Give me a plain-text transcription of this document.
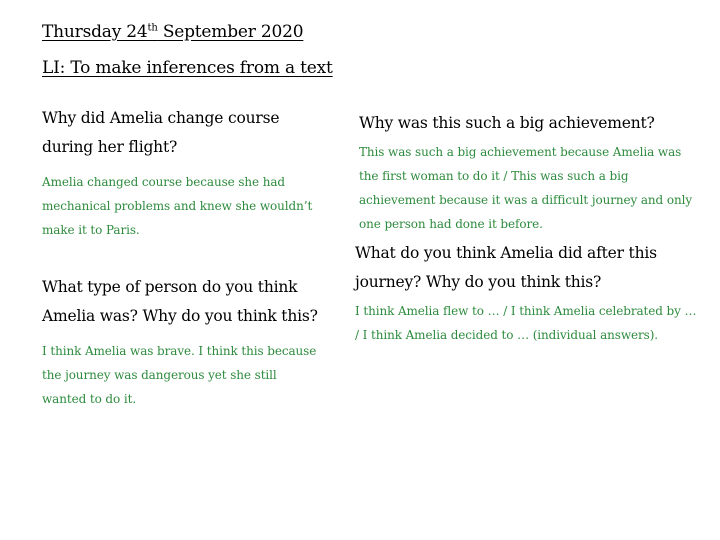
Thursday 24th September 2020
LI: To make inferences from a text
Why did Amelia change course during her flight?
Amelia changed course because she had mechanical problems and knew she wouldn’t make it to Paris.
What type of person do you think Amelia was? Why do you think this?
I think Amelia was brave. I think this because the journey was dangerous yet she still wanted to do it.
Why was this such a big achievement?
This was such a big achievement because Amelia was the first woman to do it / This was such a big achievement because it was a difficult journey and only one person had done it before.
What do you think Amelia did after this journey? Why do you think this?
I think Amelia flew to … / I think Amelia celebrated by … / I think Amelia decided to … (individual answers).
